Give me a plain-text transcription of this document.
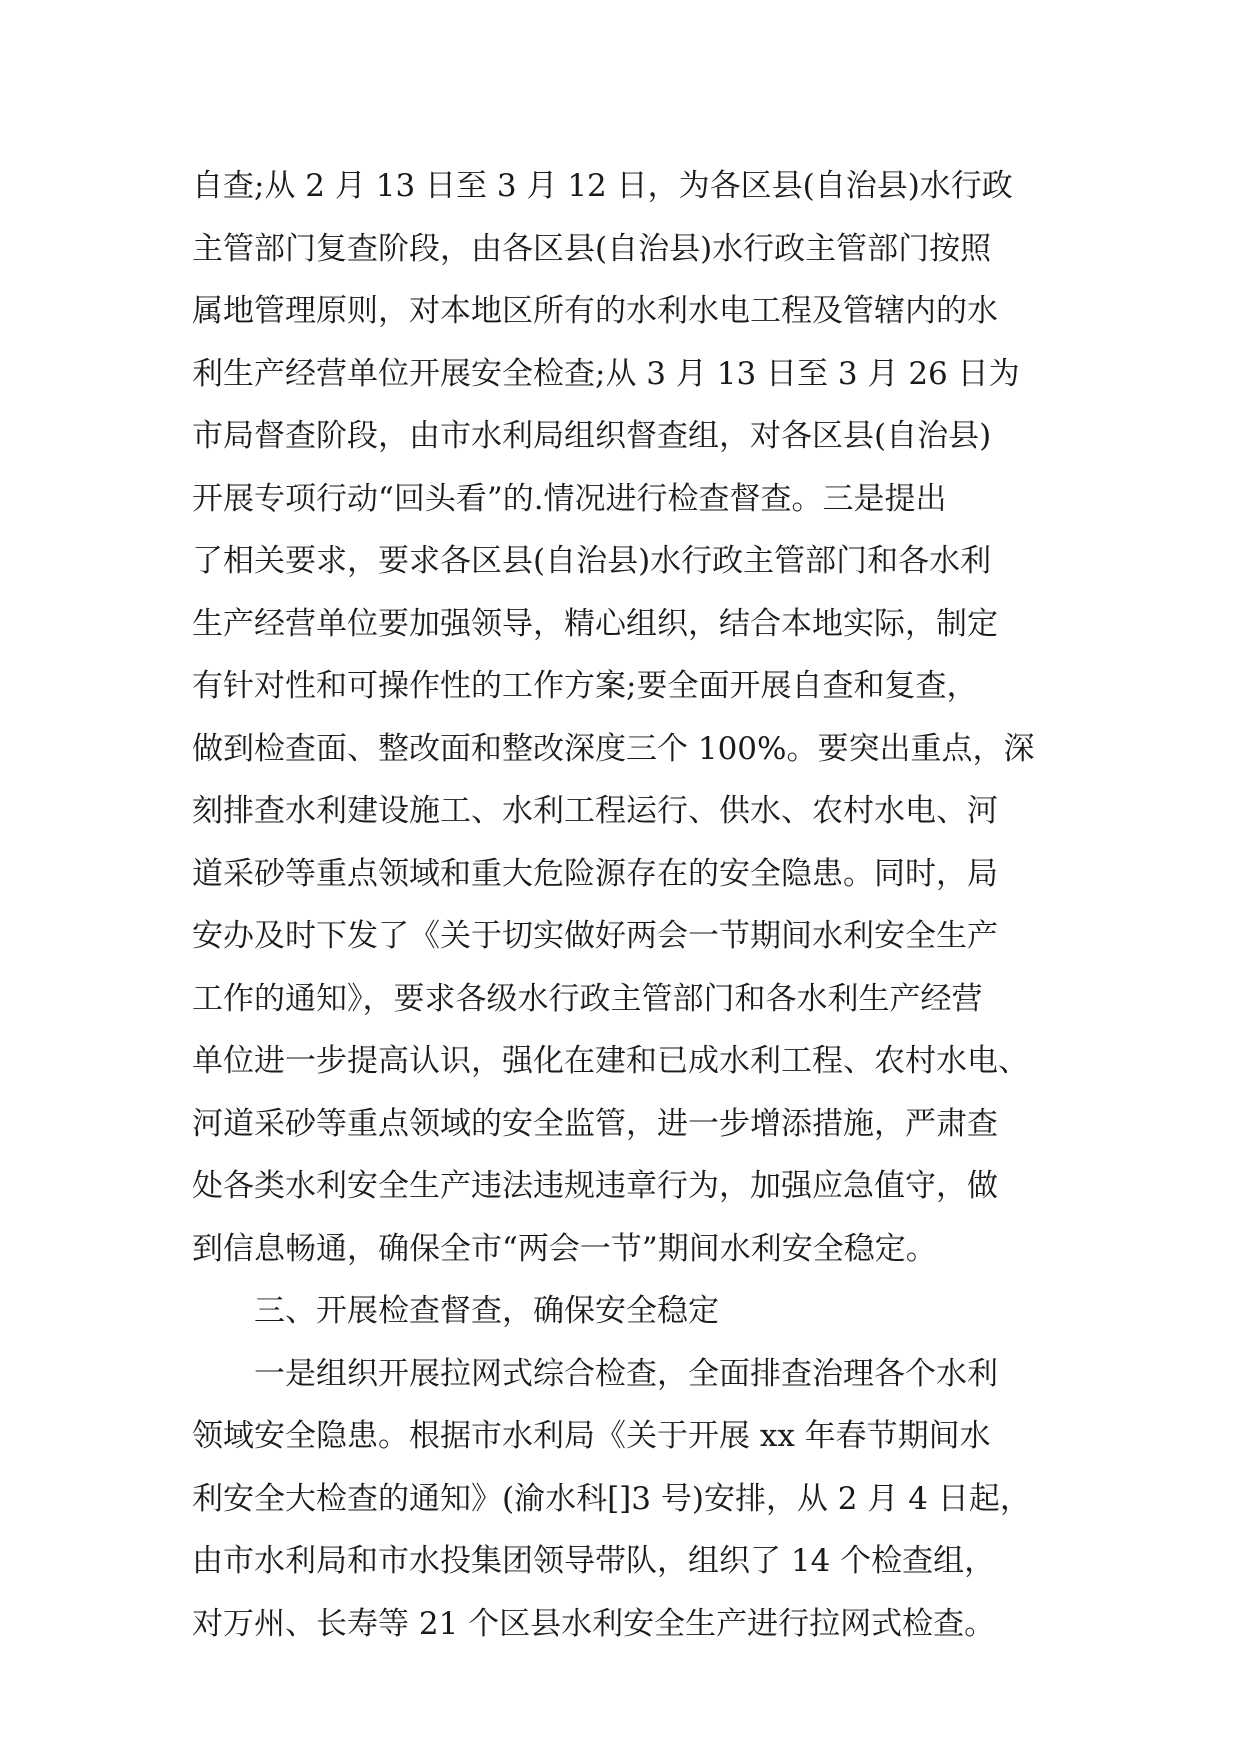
自查;从 2 月 13 日至 3 月 12 日，为各区县(自治县)水行政
主管部门复查阶段，由各区县(自治县)水行政主管部门按照
属地管理原则，对本地区所有的水利水电工程及管辖内的水
利生产经营单位开展安全检查;从 3 月 13 日至 3 月 26 日为
市局督查阶段，由市水利局组织督查组，对各区县(自治县)
开展专项行动“回头看”的.情况进行检查督查。三是提出
了相关要求，要求各区县(自治县)水行政主管部门和各水利
生产经营单位要加强领导，精心组织，结合本地实际，制定
有针对性和可操作性的工作方案;要全面开展自查和复查，
做到检查面、整改面和整改深度三个 100%。要突出重点，深
刻排查水利建设施工、水利工程运行、供水、农村水电、河
道采砂等重点领域和重大危险源存在的安全隐患。同时，局
安办及时下发了《关于切实做好两会一节期间水利安全生产
工作的通知》，要求各级水行政主管部门和各水利生产经营
单位进一步提高认识，强化在建和已成水利工程、农村水电、
河道采砂等重点领域的安全监管，进一步增添措施，严肃查
处各类水利安全生产违法违规违章行为，加强应急值守，做
到信息畅通，确保全市“两会一节”期间水利安全稳定。
三、开展检查督查，确保安全稳定
一是组织开展拉网式综合检查，全面排查治理各个水利
领域安全隐患。根据市水利局《关于开展 xx 年春节期间水
利安全大检查的通知》(渝水科[]3 号)安排，从 2 月 4 日起，
由市水利局和市水投集团领导带队，组织了 14 个检查组，
对万州、长寿等 21 个区县水利安全生产进行拉网式检查。
